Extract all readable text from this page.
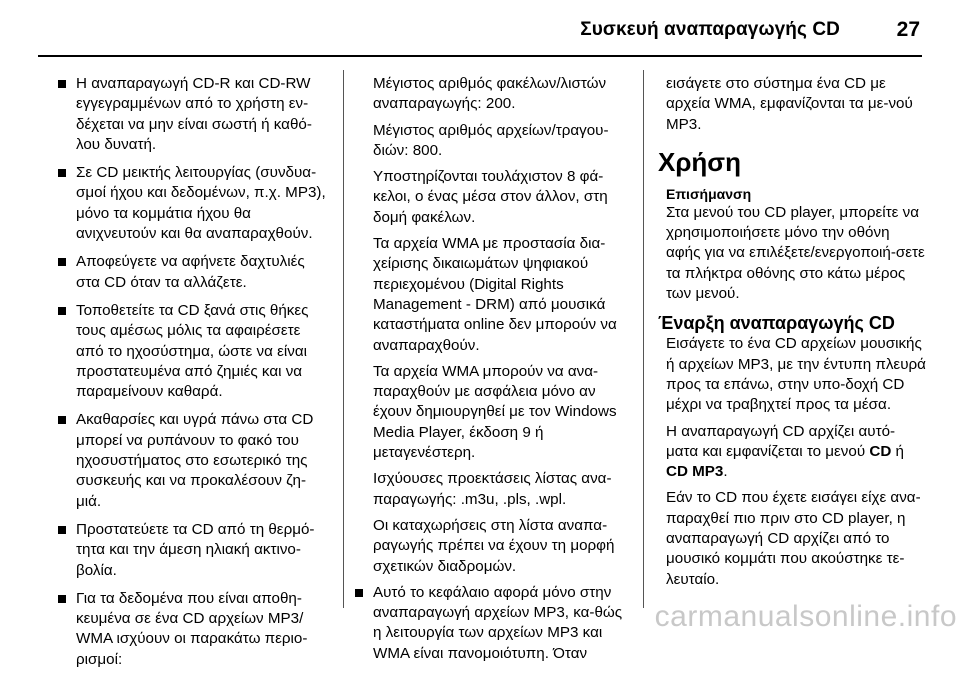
Συσκευή αναπαραγωγής CD	27
Η αναπαραγωγή CD-R και CD-RW εγγεγραμμένων από το χρήστη εν-δέχεται να μην είναι σωστή ή καθό-λου δυνατή.
Σε CD μεικτής λειτουργίας (συνδυα-σμοί ήχου και δεδομένων, π.χ. MP3), μόνο τα κομμάτια ήχου θα ανιχνευτούν και θα αναπαραχθούν.
Αποφεύγετε να αφήνετε δαχτυλιές στα CD όταν τα αλλάζετε.
Τοποθετείτε τα CD ξανά στις θήκες τους αμέσως μόλις τα αφαιρέσετε από το ηχοσύστημα, ώστε να είναι προστατευμένα από ζημιές και να παραμείνουν καθαρά.
Ακαθαρσίες και υγρά πάνω στα CD μπορεί να ρυπάνουν το φακό του ηχοσυστήματος στο εσωτερικό της συσκευής και να προκαλέσουν ζη-μιά.
Προστατεύετε τα CD από τη θερμό-τητα και την άμεση ηλιακή ακτινο-βολία.
Για τα δεδομένα που είναι αποθη-κευμένα σε ένα CD αρχείων MP3/ WMA ισχύουν οι παρακάτω περιο-ρισμοί:

Μέγιστος αριθμός φακέλων/λιστών αναπαραγωγής: 200.

Μέγιστος αριθμός αρχείων/τραγου-διών: 800.

Υποστηρίζονται τουλάχιστον 8 φά-κελοι, ο ένας μέσα στον άλλον, στη δομή φακέλων.

Τα αρχεία WMA με προστασία δια-χείρισης δικαιωμάτων ψηφιακού περιεχομένου (Digital Rights Management - DRM) από μουσικά καταστήματα online δεν μπορούν να αναπαραχθούν.

Τα αρχεία WMA μπορούν να ανα-παραχθούν με ασφάλεια μόνο αν έχουν δημιουργηθεί με τον Windows Media Player, έκδοση 9 ή μεταγενέστερη.

Ισχύουσες προεκτάσεις λίστας ανα-παραγωγής: .m3u, .pls, .wpl.

Οι καταχωρήσεις στη λίστα αναπα-ραγωγής πρέπει να έχουν τη μορφή σχετικών διαδρομών.

Αυτό το κεφάλαιο αφορά μόνο στην αναπαραγωγή αρχείων MP3, κα-θώς η λειτουργία των αρχείων MP3 και WMA είναι πανομοιότυπη. Όταν

εισάγετε στο σύστημα ένα CD με αρχεία WMA, εμφανίζονται τα με-νού MP3.

Χρήση

Επισήμανση

Στα μενού του CD player, μπορείτε να χρησιμοποιήσετε μόνο την οθόνη αφής για να επιλέξετε/ενεργοποιή-σετε τα πλήκτρα οθόνης στο κάτω μέρος των μενού.

Έναρξη αναπαραγωγής CD

Εισάγετε το ένα CD αρχείων μουσικής ή αρχείων MP3, με την έντυπη πλευρά προς τα επάνω, στην υπο-δοχή CD μέχρι να τραβηχτεί προς τα μέσα.

Η αναπαραγωγή CD αρχίζει αυτό-ματα και εμφανίζεται το μενού CD ή CD MP3.

Εάν το CD που έχετε εισάγει είχε ανα-παραχθεί πιο πριν στο CD player, η αναπαραγωγή CD αρχίζει από το μουσικό κομμάτι που ακούστηκε τε-λευταίο.

carmanualsonline.info
